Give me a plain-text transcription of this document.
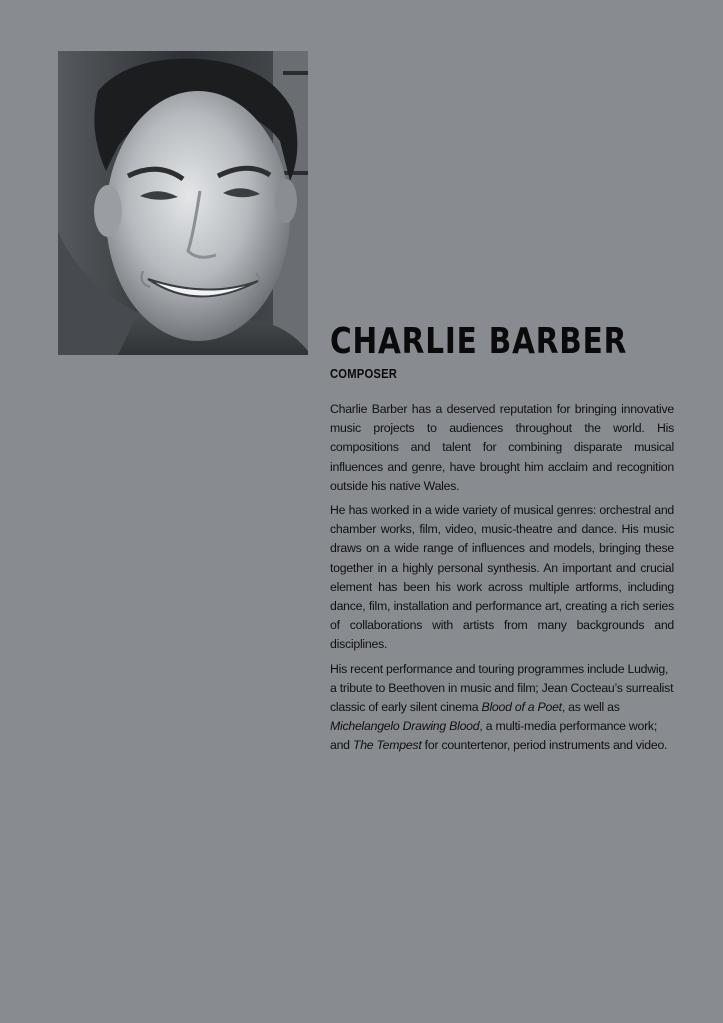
CHARLIE BARBER
COMPOSER

Charlie Barber has a deserved reputation for bringing innovative music projects to audiences throughout the world. His compositions and talent for combining disparate musical influences and genre, have brought him acclaim and recognition outside his native Wales.

He has worked in a wide variety of musical genres: orchestral and chamber works, film, video, music-theatre and dance. His music draws on a wide range of influences and models, bringing these together in a highly personal synthesis. An important and crucial element has been his work across multiple artforms, including dance, film, installation and performance art, creating a rich series of collaborations with artists from many backgrounds and disciplines.

His recent performance and touring programmes include Ludwig, a tribute to Beethoven in music and film; Jean Cocteau’s surrealist classic of early silent cinema Blood of a Poet, as well as Michelangelo Drawing Blood, a multi-media performance work; and The Tempest for countertenor, period instruments and video.
